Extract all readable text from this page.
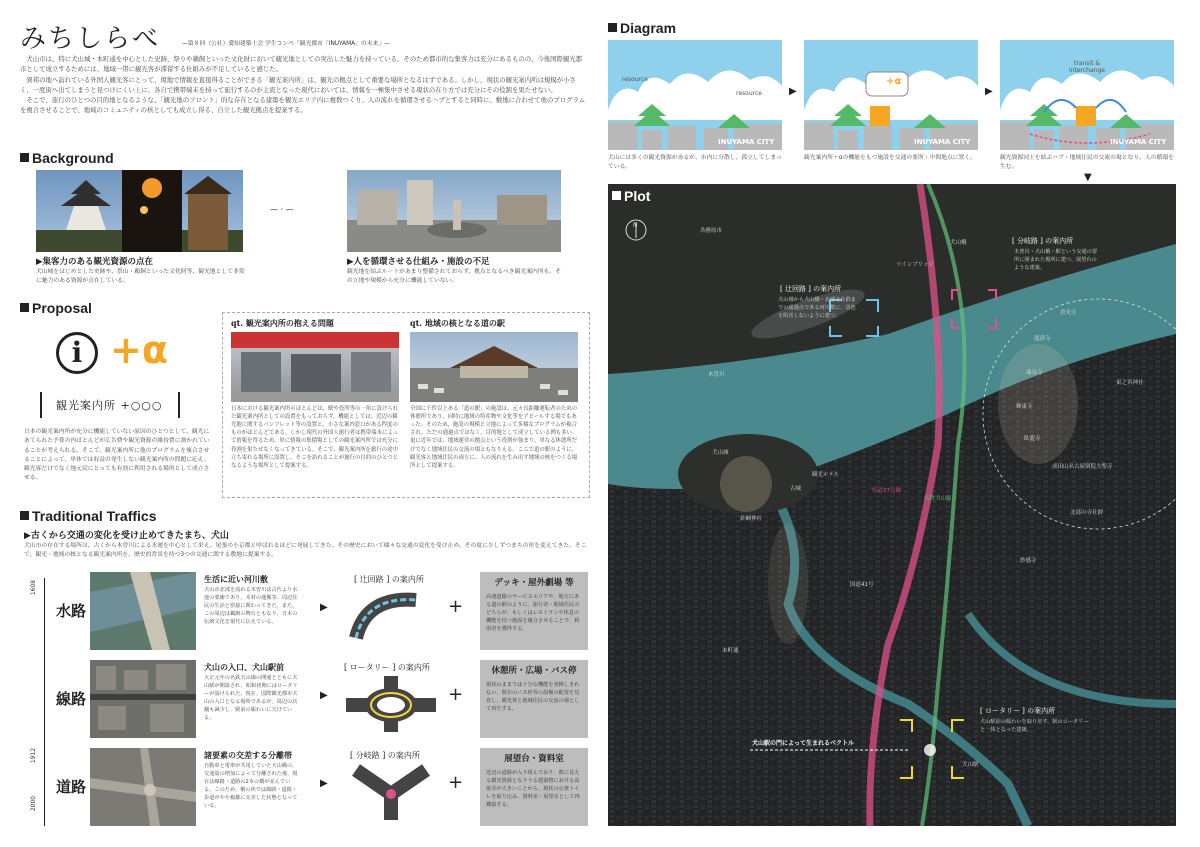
みちしらべ	—第８回（公社）愛知建築士会 学生コンペ「観光都市「INUYAMA」の未来」—

犬山市は、特に犬山城・本町通を中心とした史跡、祭りや鵜飼といった文化財において観光地としての突出した魅力を持っている。そのため都市的な集客力は充分にあるものの、今後国際観光都市として成立するためには、地域一帯に観光客が滞留する仕組みが不足していると感じた。

異邦の地へ訪れている外国人観光客にとって、現地で情報を直接得ることができる「観光案内所」は、観光の拠点として重要な場所となるはずである。しかし、現状の観光案内所は規模が小さく、一度街へ出てしまうと見つけにくい上に、各自で携帯端末を持って旅行するのが主流となった現代においては、情報を一極集中させる現状の在り方では充分にその役割を果たせない。

そこで、旅行のひとつの目的地となるような、「観光地のフロント」的な存在となる建築を観光エリア内に複数つくり、人の流れを循環させるハブとすると同時に、敷地に合わせて他のプログラムを複合させることで、地域のコミュニティの核としても成立し得る、自立した観光拠点を提案する。

Background
— · —
▶集客力のある観光資源の点在
犬山城をはじめとした史跡や、祭山・鵜飼といった文化財等、観光地として非常に魅力のある資源が点在している。
▶人を循環させる仕組み・施設の不足
観光地を結ぶルートがあまり整備されておらず、拠点となるべき観光案内所も、その立地や規模から充分に機能していない。
Proposal
i +α
観光案内所 +○○○
日本の観光案内所が充分に機能していない原因のひとつとして、観光にあてられた予算の内ほとんどが広告費や観光資源の維持費に割かれていることが考えられる。そこで、観光案内所に他のプログラムを複合させることによって、単体では収益の発生しない観光案内所の問題に応え、観光客だけでなく地元民にとっても有効に利用される場所として成立させる。
qt. 観光案内所の抱える問題
日本における観光案内所のほとんどは、駅や役所等の一角に設けられた観光案内所としての設置をもっておらず、機能としては、近辺の観光地に関するパンフレット等の設置と、小さな案内窓口がある程度のものがほとんどである。しかし現代の外国人旅行者は携帯端末によって情報を得るため、単に情報の集積場としての観光案内所では充分に役割を果たせなくなってきている。そこで、観光案内所を旅行の途中立ち寄れる場所に設置し、そこを訪れることが旅行の目的のひとつとなるような場所として提案する。
qt. 地域の核となる道の駅
全国に千件以上ある「道の駅」の施設は、元々長距離運転者のための休憩所であり、同時に地域の特産物や文化等をアピールする場でもあった。そのため、施設の規模と立地によって多様なプログラムが複合され、ただの通過点ではなく、目的地として成立している例も多い。更に近年では、地域運営の拠点という役割が強まり、単なる休憩所だけでなく地域住民の交流の場ともなりえる。ここで道の駅のように、観光客と地域住民の両方に、人の流れを生み出す地域の核をつくる場所として提案する。
Traditional Traffics
▶古くから交通の変化を受け止めてきたまち、犬山
犬山市の存在する場所は、古くから木曽川による水運を中心として栄え、尾張の小京都と呼ばれるほどに発展してきた。その歴史において様々な交通の変化を受け止め、その度に少しずつまちの形を変えてきた。そこで、観光・地域の核となる観光案内所を、歴史的背景を持つ3つの交通に関する敷地に提案する。
1608
1912
2000
水路
生活に近い河川敷
犬山市北部を流れる木曽川は古代より水運の要衝であり、木材の運搬等、周辺住民の生活と密接に関わってきた。また、この周辺は鵜飼の舞台ともなり、日本の伝統文化を現代に伝えている。
▶
[ 辻回路 ] の案内所
+
デッキ・屋外劇場 等
高速道路のサービスエリアや、地方にある道の駅のように、旅行者・地域住民のどちらが、もしくはレストランや休息の機能を持つ施設を複合させることで、利用者を獲得する。
線路
犬山の入口、犬山駅前
大正元年の名鉄犬山線の開通とともに犬山駅が開設され、昭和初期にはロータリーが設けられた。現在、国際観光都市犬山の入口となる場所であるが、周辺の店舗も減少し、駅前の賑わいに欠けている。
▶
[ ロータリー ] の案内所
+
休憩所・広場・バス停
現状のままでは十分な機能を発揮しきれない、既存のバス停等の設備の配置を見直し、観光客と地域住民の交流の場として再生する。
道路
諸要素の交差する分離帯
自動車と電車が共用していた犬山橋の、交通量の増加によって分離された後、現在は線路・道路の2本の橋が並んでいる。このため、橋の袂では線路・道路・歩道がやや複雑に交差した状態となっている。
▶
[ 分岐路 ] の案内所
+
展望台・資料室
近辺の道路が入り組んでおり、数に見える観光資源となりうる建築物における高低差が大きいことから、現状の公衆トイレを取り込み、資料室・展望室として再構築する。
Diagram
resource
resource
INUYAMA CITY
犬山には多くの観光資源があるが、市内に分散し、孤立してしまっている。
▶
+α
INUYAMA CITY
観光案内所＋αの機能をもつ施設を交通の要所・中間地点に置く。
▶
transit & interchange
INUYAMA CITY
観光資源同士を結ぶハブ・地域住民の交流の場となり、人の循環を生む。
▼
Plot
N
各務原市
犬山橋
ツインブリッジ
木曽川
犬山城
観光ホテル
古城
針綱神社
本町通
犬山駅
香光寺
龍済寺
瑞泉寺
輝東寺
臥龍寺
東之宮神社
成田山名古屋別院大聖寺
北部の寺社群
妙感寺
県道27号線
名鉄犬山線
国道41号
[ 辻回路 ] の案内所
犬山城から犬山橋・北部寺社群までの通過点である河川敷に、景色を阻害しないように建つ。
[ 分岐路 ] の案内所
木曽川・犬山橋・駅という交通の要所に囲まれた場所に建つ、展望台のような建築。
[ ロータリー ] の案内所
犬山駅前の賑わいを取り戻す、駅のロータリーと一体となった建築。
犬山駅の門によって生まれるベクトル
